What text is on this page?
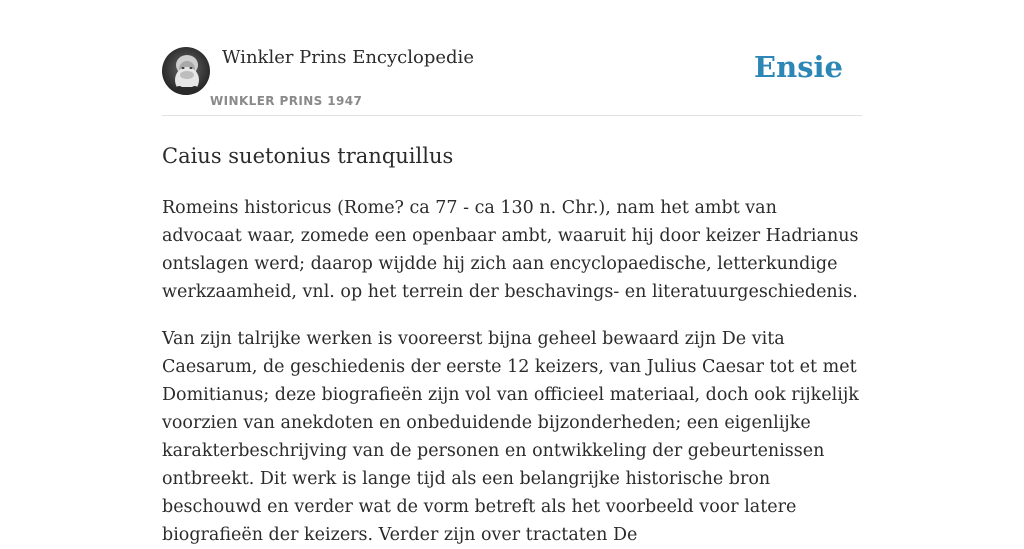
Winkler Prins Encyclopedie
WINKLER PRINS 1947
Ensie
Caius suetonius tranquillus

Romeins historicus (Rome? ca 77 - ca 130 n. Chr.), nam het ambt van advocaat waar, zomede een openbaar ambt, waaruit hij door keizer Hadrianus ontslagen werd; daarop wijdde hij zich aan encyclopaedische, letterkundige werkzaamheid, vnl. op het terrein der beschavings- en literatuurgeschiedenis.

Van zijn talrijke werken is vooreerst bijna geheel bewaard zijn De vita Caesarum, de geschiedenis der eerste 12 keizers, van Julius Caesar tot et met Domitianus; deze biografieën zijn vol van officieel materiaal, doch ook rijkelijk voorzien van anekdoten en onbeduidende bijzonderheden; een eigenlijke karakterbeschrijving van de personen en ontwikkeling der gebeurtenissen ontbreekt. Dit werk is lange tijd als een belangrijke historische bron beschouwd en verder wat de vorm betreft als het voorbeeld voor latere biografieën der keizers. Verder zijn over tractaten De
